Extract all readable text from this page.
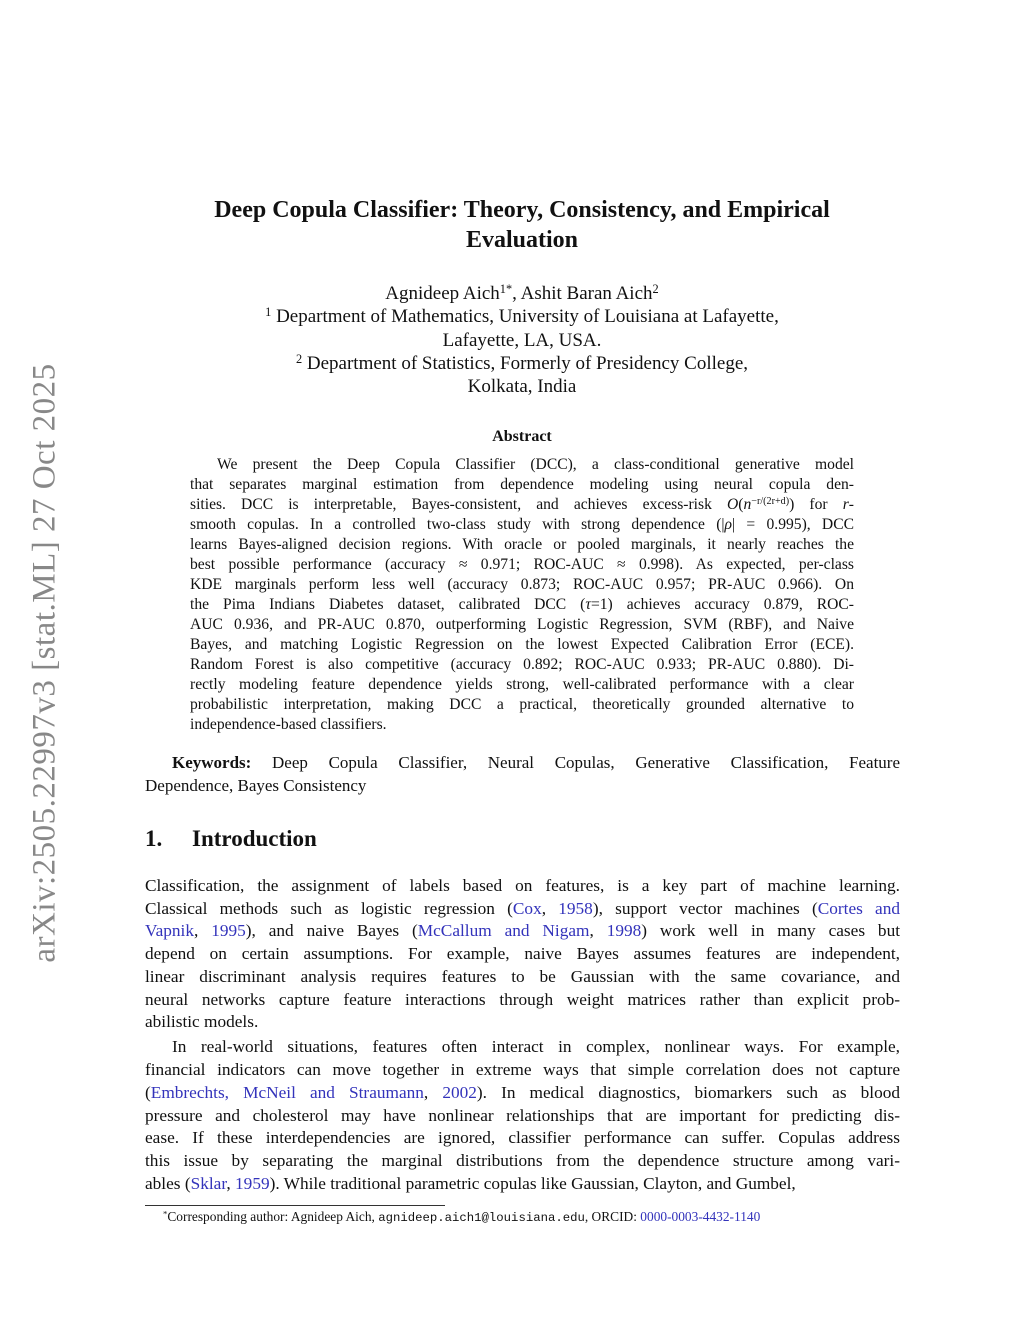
arXiv:2505.22997v3 [stat.ML] 27 Oct 2025
Deep Copula Classifier: Theory, Consistency, and Empirical
Evaluation
Agnideep Aich$^{1*}$, Ashit Baran Aich$^2$
$^1$ Department of Mathematics, University of Louisiana at Lafayette,
Lafayette, LA, USA.
$^2$ Department of Statistics, Formerly of Presidency College,
Kolkata, India
Abstract
We present the Deep Copula Classifier (DCC), a class-conditional generative model
that separates marginal estimation from dependence modeling using neural copula den-
sities. DCC is interpretable, Bayes-consistent, and achieves excess-risk $O(n^{-r/(2r+d)})$ for r-
smooth copulas. In a controlled two-class study with strong dependence (|ρ| = 0.995), DCC
learns Bayes-aligned decision regions. With oracle or pooled marginals, it nearly reaches the
best possible performance (accuracy ≈ 0.971; ROC-AUC ≈ 0.998). As expected, per-class
KDE marginals perform less well (accuracy 0.873; ROC-AUC 0.957; PR-AUC 0.966). On
the Pima Indians Diabetes dataset, calibrated DCC (τ=1) achieves accuracy 0.879, ROC-
AUC 0.936, and PR-AUC 0.870, outperforming Logistic Regression, SVM (RBF), and Naive
Bayes, and matching Logistic Regression on the lowest Expected Calibration Error (ECE).
Random Forest is also competitive (accuracy 0.892; ROC-AUC 0.933; PR-AUC 0.880). Di-
rectly modeling feature dependence yields strong, well-calibrated performance with a clear
probabilistic interpretation, making DCC a practical, theoretically grounded alternative to
independence-based classifiers.
Keywords: Deep Copula Classifier, Neural Copulas, Generative Classification, Feature
Dependence, Bayes Consistency
1. Introduction
Classification, the assignment of labels based on features, is a key part of machine learning.
Classical methods such as logistic regression (Cox, 1958), support vector machines (Cortes and
Vapnik, 1995), and naive Bayes (McCallum and Nigam, 1998) work well in many cases but
depend on certain assumptions. For example, naive Bayes assumes features are independent,
linear discriminant analysis requires features to be Gaussian with the same covariance, and
neural networks capture feature interactions through weight matrices rather than explicit prob-
abilistic models.
In real-world situations, features often interact in complex, nonlinear ways. For example,
financial indicators can move together in extreme ways that simple correlation does not capture
(Embrechts, McNeil and Straumann, 2002). In medical diagnostics, biomarkers such as blood
pressure and cholesterol may have nonlinear relationships that are important for predicting dis-
ease. If these interdependencies are ignored, classifier performance can suffer. Copulas address
this issue by separating the marginal distributions from the dependence structure among vari-
ables (Sklar, 1959). While traditional parametric copulas like Gaussian, Clayton, and Gumbel,
*Corresponding author: Agnideep Aich, agnideep.aich1@louisiana.edu, ORCID: 0000-0003-4432-1140
